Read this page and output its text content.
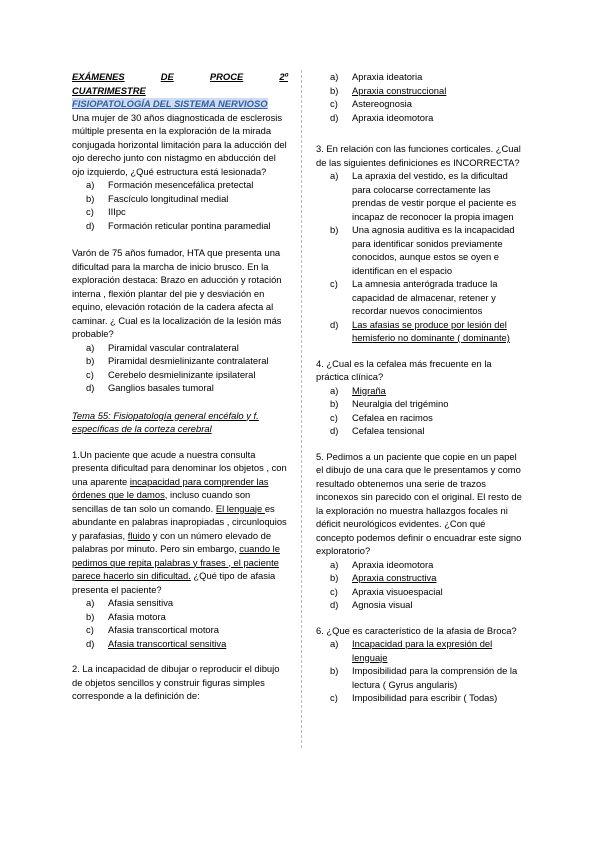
EXÁMENES	DE	PROCE	2º
CUATRIMESTRE
FISIOPATOLOGÍA DEL SISTEMA NERVIOSO

Una mujer de 30 años diagnosticada de esclerosis múltiple presenta en la exploración de la mirada conjugada horizontal limitación para la aducción del ojo derecho junto con nistagmo en abducción del ojo izquierdo, ¿Qué estructura está lesionada?

a)	Formación mesencefálica pretectal
b)	Fascículo longitudinal medial
c)	IIIpc
d)	Formación reticular pontina paramedial

Varón de 75 años fumador, HTA que presenta una dificultad para la marcha de inicio brusco. En la exploración destaca: Brazo en aducción y rotación interna , flexión plantar del pie y desviación en equino, elevación rotación de la cadera afecta al caminar. ¿ Cual es la localización de la lesión más probable?

a)	Piramidal vascular contralateral
b)	Piramidal desmielinizante contralateral
c)	Cerebelo desmielinizante ipsilateral
d)	Ganglios basales tumoral
Tema 55: Fisiopatología general encéfalo y f. específicas de la corteza cerebral

1.Un paciente que acude a nuestra consulta presenta dificultad para denominar los objetos , con una aparente incapacidad para comprender las órdenes que le damos, incluso cuando son sencillas de tan solo un comando. El lenguaje es abundante en palabras inapropiadas , circunloquios y parafasias, fluido y con un número elevado de palabras por minuto. Pero sin embargo, cuando le pedimos que repita palabras y frases , el paciente parece hacerlo sin dificultad. ¿Qué tipo de afasia presenta el paciente?

a)	Afasia sensitiva
b)	Afasia motora
c)	Afasia transcortical motora
d)	Afasia transcortical sensitiva

2. La incapacidad de dibujar o reproducir el dibujo de objetos sencillos y construir figuras simples corresponde a la definición de:

a)	Apraxia ideatoria
b)	Apraxia construccional
c)	Astereognosia
d)	Apraxia ideomotora

3. En relación con las funciones corticales. ¿Cual de las siguientes definiciones es INCORRECTA?

a)	La apraxia del vestido, es la dificultad para colocarse correctamente las prendas de vestir porque el paciente es incapaz de reconocer la propia imagen
b)	Una agnosia auditiva es la incapacidad para identificar sonidos previamente conocidos, aunque estos se oyen e identifican en el espacio
c)	La amnesia anterógrada traduce la capacidad de almacenar, retener y recordar nuevos conocimientos
d)	Las afasias se produce por lesión del hemisferio no dominante ( dominante)

4. ¿Cual es la cefalea más frecuente en la práctica clínica?

a)	Migraña
b)	Neuralgia del trigémino
c)	Cefalea en racimos
d)	Cefalea tensional

5. Pedimos a un paciente que copie en un papel el dibujo de una cara que le presentamos y como resultado obtenemos una serie de trazos inconexos sin parecido con el original. El resto de la exploración no muestra hallazgos focales ni déficit neurológicos evidentes. ¿Con qué concepto podemos definir o encuadrar este signo exploratorio?

a)	Apraxia ideomotora
b)	Apraxia constructiva
c)	Apraxia visuoespacial
d)	Agnosia visual

6. ¿Que es característico de la afasia de Broca?

a)	Incapacidad para la expresión del lenguaje
b)	Imposibilidad para la comprensión de la lectura ( Gyrus angularis)
c)	Imposibilidad para escribir ( Todas)
